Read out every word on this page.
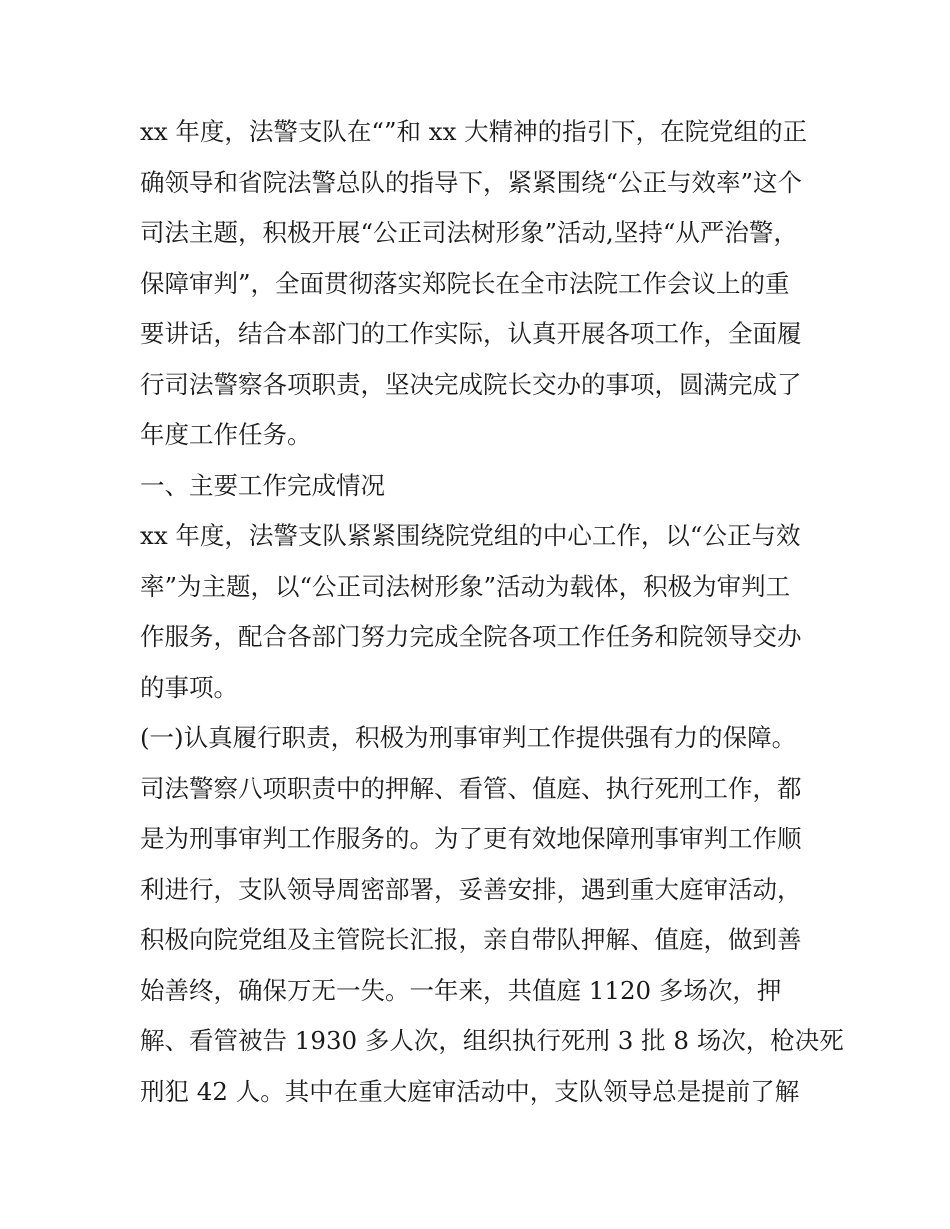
xx 年度，法警支队在“”和 xx 大精神的指引下，在院党组的正
确领导和省院法警总队的指导下，紧紧围绕“公正与效率”这个
司法主题，积极开展“公正司法树形象”活动,坚持“从严治警，
保障审判”，全面贯彻落实郑院长在全市法院工作会议上的重
要讲话，结合本部门的工作实际，认真开展各项工作，全面履
行司法警察各项职责，坚决完成院长交办的事项，圆满完成了
年度工作任务。
一、主要工作完成情况
xx 年度，法警支队紧紧围绕院党组的中心工作，以“公正与效
率”为主题，以“公正司法树形象”活动为载体，积极为审判工
作服务，配合各部门努力完成全院各项工作任务和院领导交办
的事项。
(一)认真履行职责，积极为刑事审判工作提供强有力的保障。
司法警察八项职责中的押解、看管、值庭、执行死刑工作，都
是为刑事审判工作服务的。为了更有效地保障刑事审判工作顺
利进行，支队领导周密部署，妥善安排，遇到重大庭审活动，
积极向院党组及主管院长汇报，亲自带队押解、值庭，做到善
始善终，确保万无一失。一年来，共值庭 1120 多场次，押
解、看管被告 1930 多人次，组织执行死刑 3 批 8 场次，枪决死
刑犯 42 人。其中在重大庭审活动中，支队领导总是提前了解
